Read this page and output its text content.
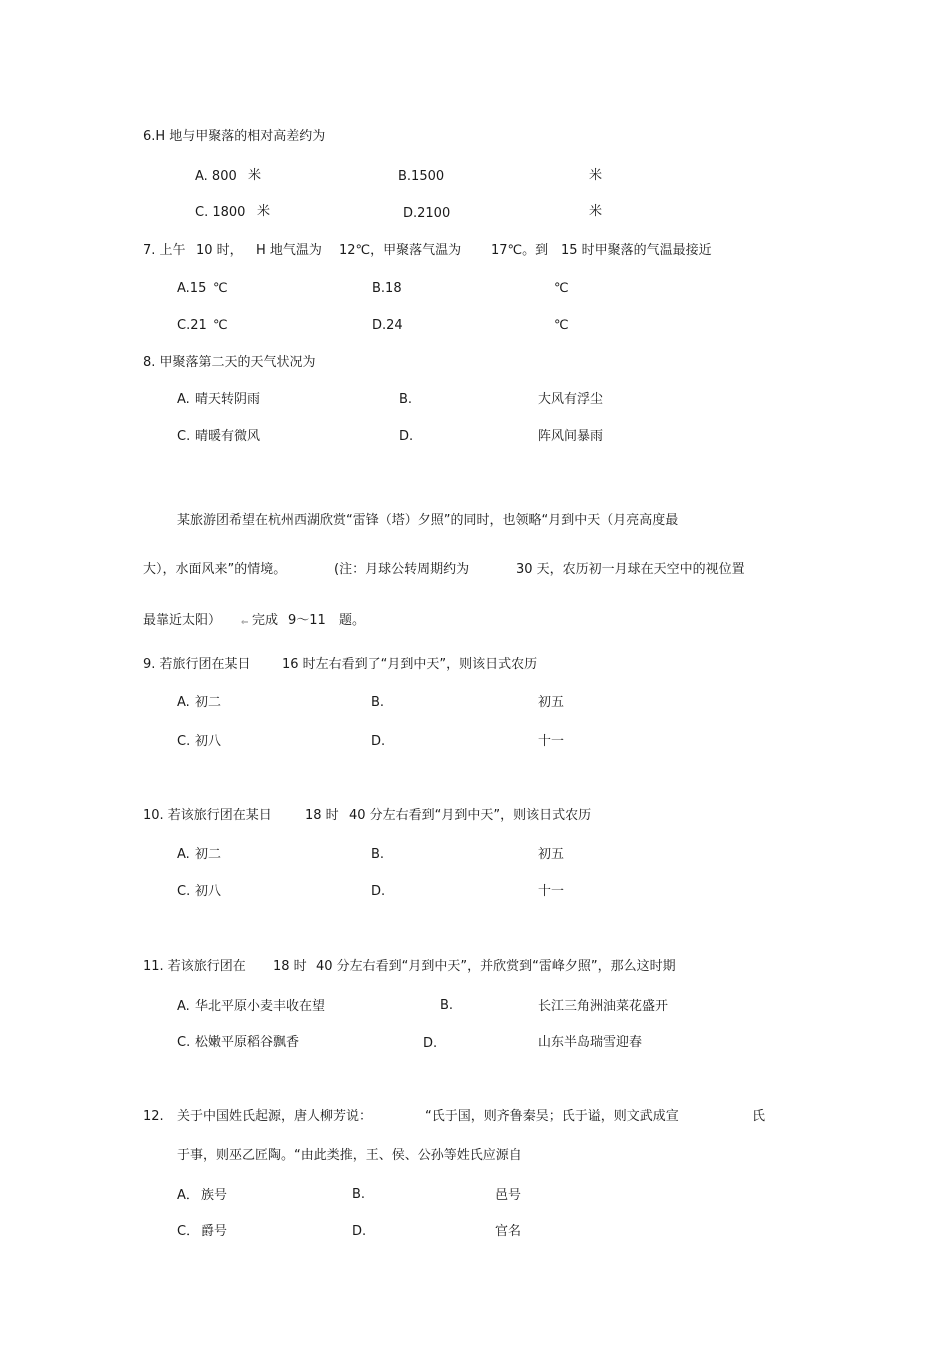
6.H 地与甲聚落的相对高差约为
A. 800 米	B.1500	米
C. 1800 米	D.2100	米
7. 上午 10 时， H 地气温为 12℃，甲聚落气温为 17℃。到 15 时甲聚落的气温最接近
A.15 ℃	B.18	℃
C.21 ℃	D.24	℃
8. 甲聚落第二天的天气状况为
A. 晴天转阴雨	B.	大风有浮尘
C. 晴暖有微风	D.	阵风间暴雨
某旅游团希望在杭州西湖欣赏“雷锋（塔）夕照”的同时，也领略“月到中天（月亮高度最
大），水面风来”的情境。	(注：月球公转周期约为	30 天，农历初一月球在天空中的视位置
最靠近太阳） ⇐ 完成 9～11 题。
9. 若旅行团在某日 16 时左右看到了“月到中天”，则该日式农历
A. 初二	B.	初五
C. 初八	D.	十一
10. 若该旅行团在某日	18 时 40 分左右看到“月到中天”，则该日式农历
A. 初二	B.	初五
C. 初八	D.	十一
11. 若该旅行团在 18 时 40 分左右看到“月到中天”，并欣赏到“雷峰夕照”，那么这时期
A. 华北平原小麦丰收在望	B.	长江三角洲油菜花盛开
C. 松嫩平原稻谷飘香	D.	山东半岛瑞雪迎春
12. 关于中国姓氏起源，唐人柳芳说：	“氏于国，则齐鲁秦吴；氏于谥，则文武成宣	氏
于事，则巫乙匠陶。“由此类推，王、侯、公孙等姓氏应源自
A． 族号	B.	邑号
C． 爵号	D.	官名
